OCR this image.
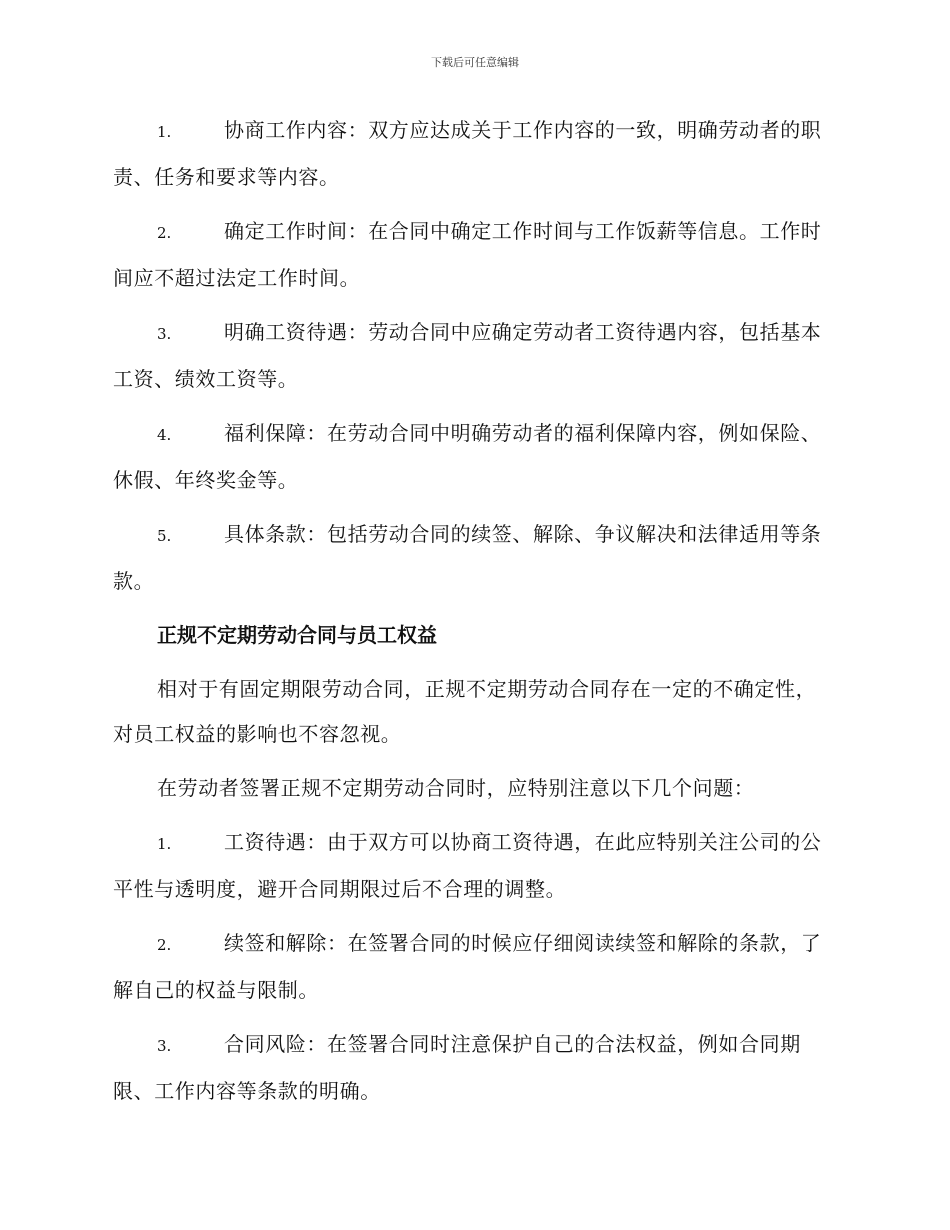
下载后可任意编辑
1.	协商工作内容：双方应达成关于工作内容的一致，明确劳动者的职责、任务和要求等内容。
2.	确定工作时间：在合同中确定工作时间与工作饭薪等信息。工作时间应不超过法定工作时间。
3.	明确工资待遇：劳动合同中应确定劳动者工资待遇内容，包括基本工资、绩效工资等。
4.	福利保障：在劳动合同中明确劳动者的福利保障内容，例如保险、休假、年终奖金等。
5.	具体条款：包括劳动合同的续签、解除、争议解决和法律适用等条款。
正规不定期劳动合同与员工权益
相对于有固定期限劳动合同，正规不定期劳动合同存在一定的不确定性，对员工权益的影响也不容忽视。
在劳动者签署正规不定期劳动合同时，应特别注意以下几个问题：
1.	工资待遇：由于双方可以协商工资待遇，在此应特别关注公司的公平性与透明度，避开合同期限过后不合理的调整。
2.	续签和解除：在签署合同的时候应仔细阅读续签和解除的条款，了解自己的权益与限制。
3.	合同风险：在签署合同时注意保护自己的合法权益，例如合同期限、工作内容等条款的明确。
